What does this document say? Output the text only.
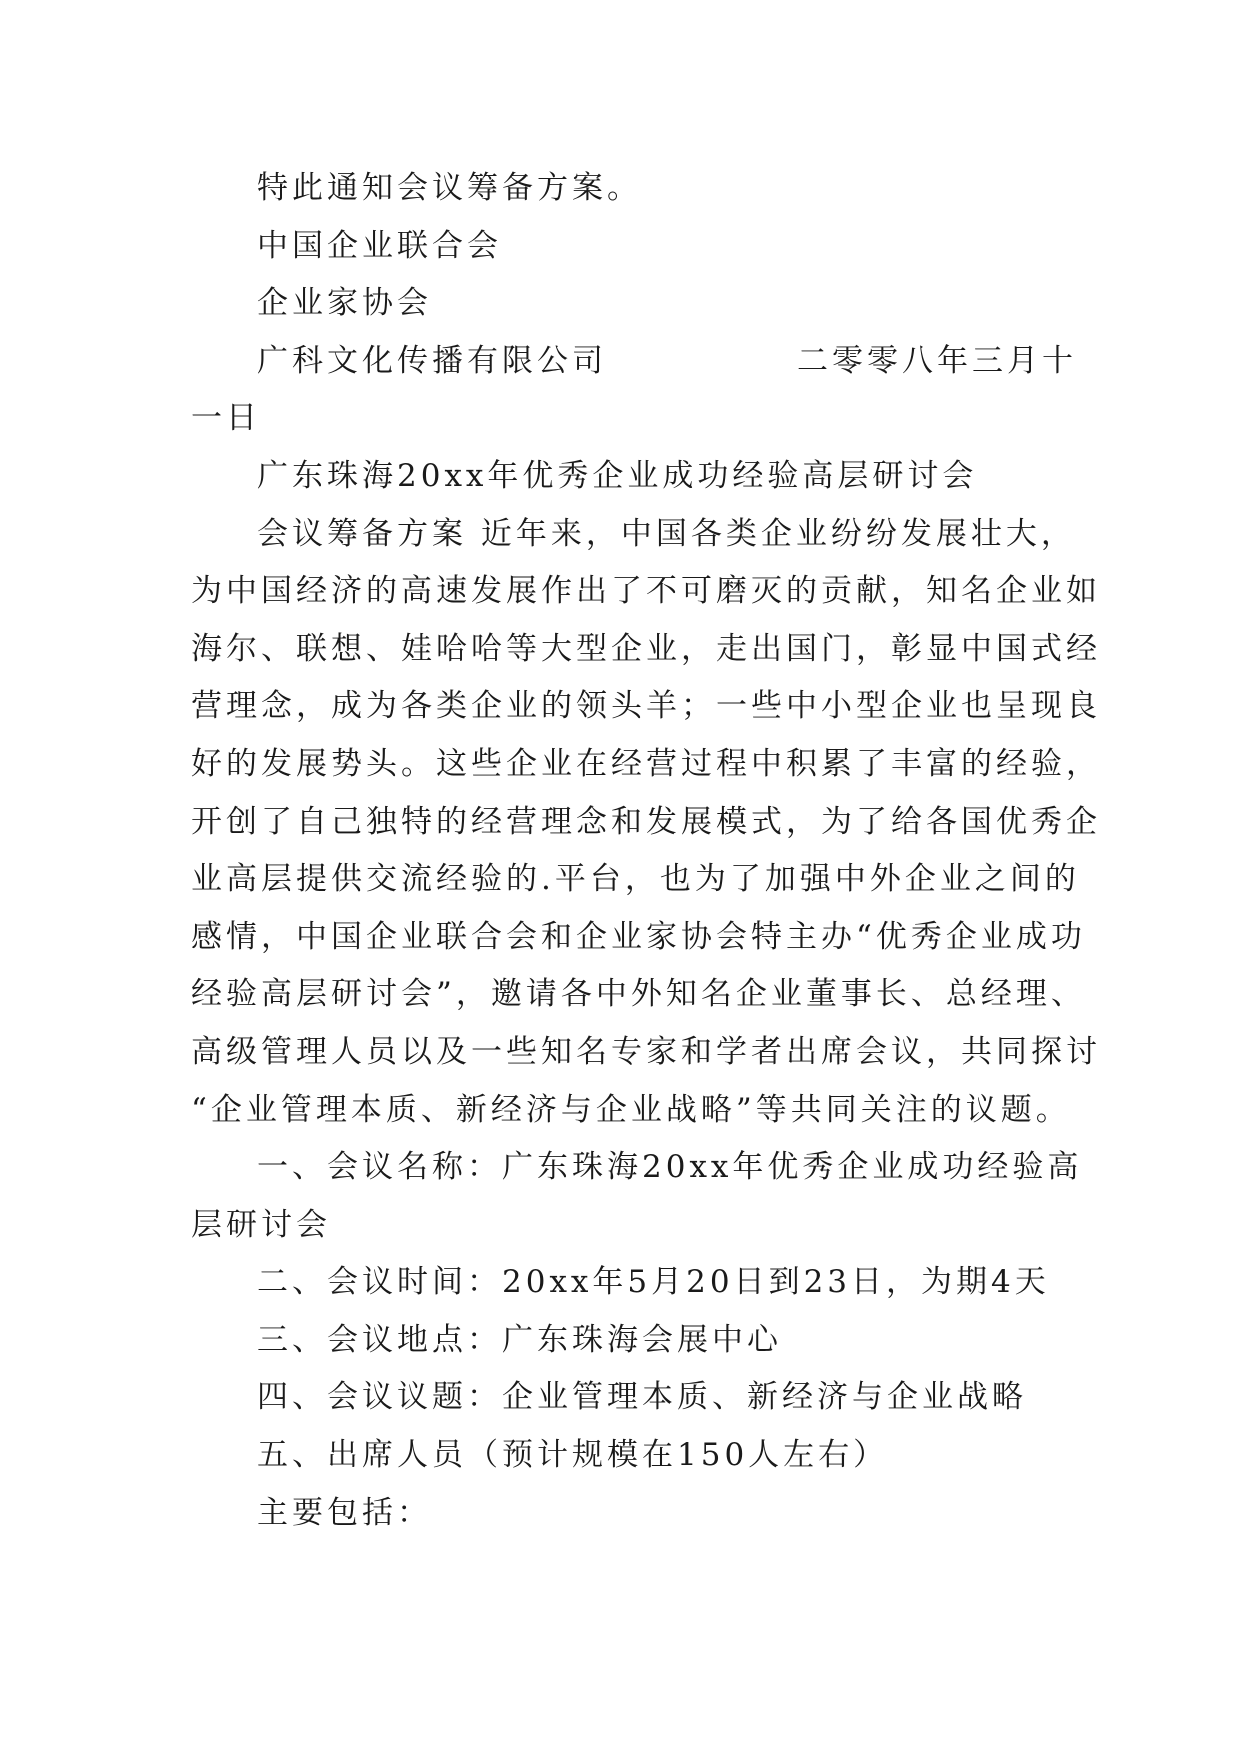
特此通知会议筹备方案。
中国企业联合会
企业家协会
广科文化传播有限公司	二零零八年三月十
一日
广东珠海20xx年优秀企业成功经验高层研讨会
会议筹备方案 近年来，中国各类企业纷纷发展壮大，
为中国经济的高速发展作出了不可磨灭的贡献，知名企业如
海尔、联想、娃哈哈等大型企业，走出国门，彰显中国式经
营理念，成为各类企业的领头羊；一些中小型企业也呈现良
好的发展势头。这些企业在经营过程中积累了丰富的经验，
开创了自己独特的经营理念和发展模式，为了给各国优秀企
业高层提供交流经验的.平台，也为了加强中外企业之间的
感情，中国企业联合会和企业家协会特主办“优秀企业成功
经验高层研讨会”，邀请各中外知名企业董事长、总经理、
高级管理人员以及一些知名专家和学者出席会议，共同探讨
“企业管理本质、新经济与企业战略”等共同关注的议题。
一、会议名称：广东珠海20xx年优秀企业成功经验高
层研讨会
二、会议时间：20xx年5月20日到23日，为期4天
三、会议地点：广东珠海会展中心
四、会议议题：企业管理本质、新经济与企业战略
五、出席人员（预计规模在150人左右）
主要包括：
